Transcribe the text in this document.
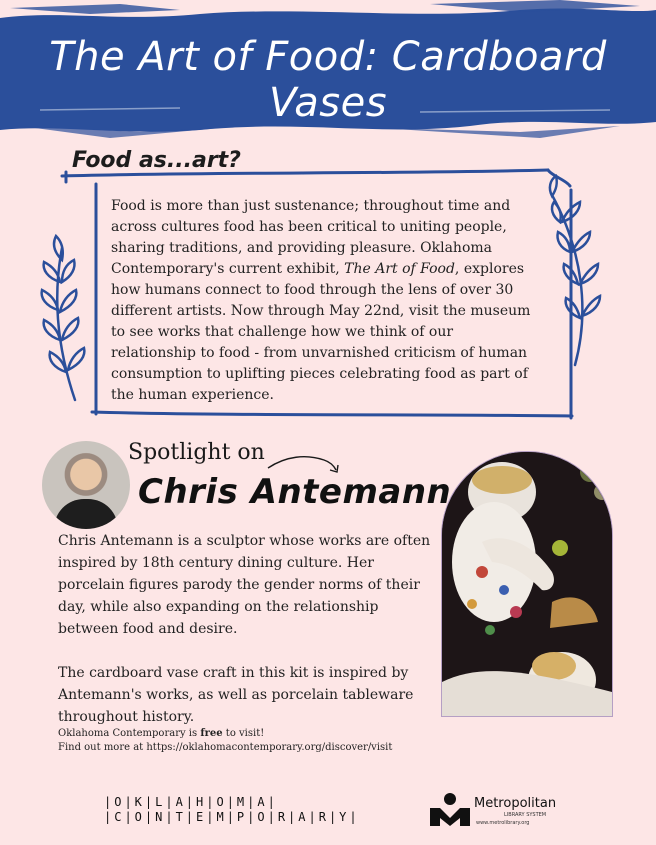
The Art of Food: Cardboard Vases
Food as...art?
Food is more than just sustenance; throughout time and across cultures food has been critical to uniting people, sharing traditions, and providing pleasure. Oklahoma Contemporary's current exhibit, The Art of Food, explores how humans connect to food through the lens of over 30 different artists. Now through May 22nd, visit the museum to see works that challenge how we think of our relationship to food - from unvarnished criticism of human consumption to uplifting pieces celebrating food as part of the human experience.
Spotlight on
Chris Antemann

Chris Antemann is a sculptor whose works are often inspired by 18th century dining culture. Her porcelain figures parody the gender norms of their day, while also expanding on the relationship between food and desire.

The cardboard vase craft in this kit is inspired by Antemann's works, as well as porcelain tableware throughout history.

Oklahoma Contemporary is free to visit!
Find out more at https://oklahomacontemporary.org/discover/visit
|O|K|L|A|H|O|M|A|
|C|O|N|T|E|M|P|O|R|A|R|Y|
Metropolitan
LIBRARY SYSTEM
www.metrolibrary.org
